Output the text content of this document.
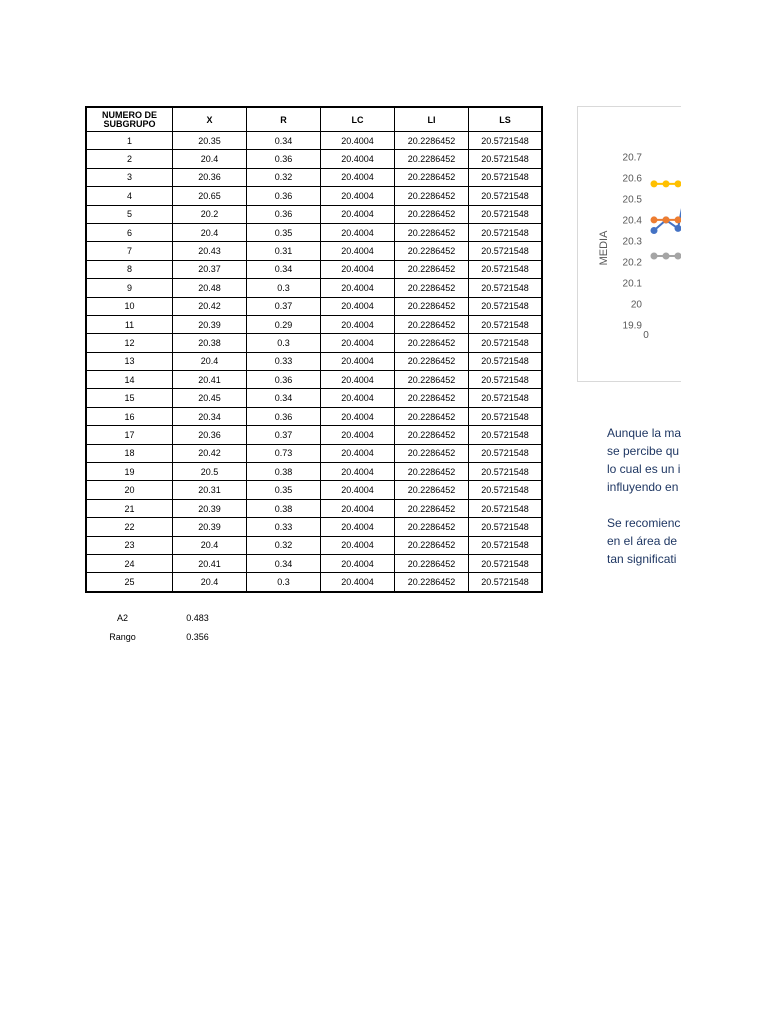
NUMERO DE SUBGRUPO	X	R	LC	LI	LS
1	20.35	0.34	20.4004	20.2286452	20.5721548
2	20.4	0.36	20.4004	20.2286452	20.5721548
3	20.36	0.32	20.4004	20.2286452	20.5721548
4	20.65	0.36	20.4004	20.2286452	20.5721548
5	20.2	0.36	20.4004	20.2286452	20.5721548
6	20.4	0.35	20.4004	20.2286452	20.5721548
7	20.43	0.31	20.4004	20.2286452	20.5721548
8	20.37	0.34	20.4004	20.2286452	20.5721548
9	20.48	0.3	20.4004	20.2286452	20.5721548
10	20.42	0.37	20.4004	20.2286452	20.5721548
11	20.39	0.29	20.4004	20.2286452	20.5721548
12	20.38	0.3	20.4004	20.2286452	20.5721548
13	20.4	0.33	20.4004	20.2286452	20.5721548
14	20.41	0.36	20.4004	20.2286452	20.5721548
15	20.45	0.34	20.4004	20.2286452	20.5721548
16	20.34	0.36	20.4004	20.2286452	20.5721548
17	20.36	0.37	20.4004	20.2286452	20.5721548
18	20.42	0.73	20.4004	20.2286452	20.5721548
19	20.5	0.38	20.4004	20.2286452	20.5721548
20	20.31	0.35	20.4004	20.2286452	20.5721548
21	20.39	0.38	20.4004	20.2286452	20.5721548
22	20.39	0.33	20.4004	20.2286452	20.5721548
23	20.4	0.32	20.4004	20.2286452	20.5721548
24	20.41	0.34	20.4004	20.2286452	20.5721548
25	20.4	0.3	20.4004	20.2286452	20.5721548
A2	0.483
Rango	0.356
20.7
20.6
20.5
20.4
20.3
20.2
20.1
20
19.9
0
MEDIA

Aunque la ma
se percibe qu
lo cual es un i
influyendo en

Se recomienc
en el área de
tan significati
